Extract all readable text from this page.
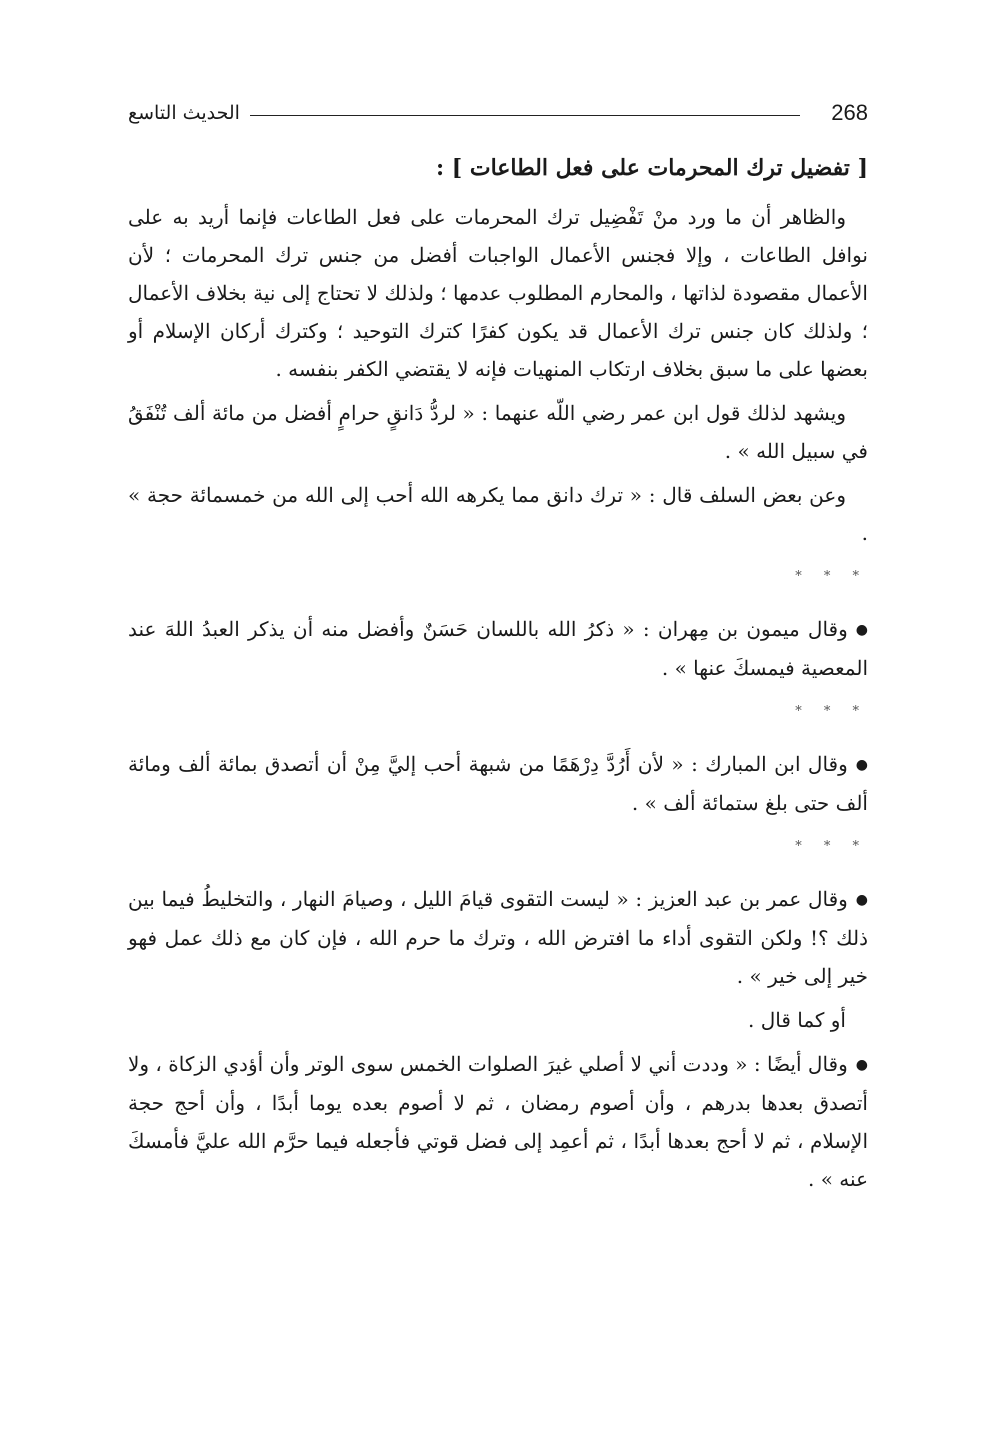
الحديث التاسع	268
[ تفضيل ترك المحرمات على فعل الطاعات ] :

والظاهر أن ما ورد منْ تَفْضِيل ترك المحرمات على فعل الطاعات فإنما أريد به على نوافل الطاعات ، وإلا فجنس الأعمال الواجبات أفضل من جنس ترك المحرمات ؛ لأن الأعمال مقصودة لذاتها ، والمحارم المطلوب عدمها ؛ ولذلك لا تحتاج إلى نية بخلاف الأعمال ؛ ولذلك كان جنس ترك الأعمال قد يكون كفرًا كترك التوحيد ؛ وكترك أركان الإسلام أو بعضها على ما سبق بخلاف ارتكاب المنهيات فإنه لا يقتضي الكفر بنفسه .

ويشهد لذلك قول ابن عمر رضي اللّه عنهما : « لردُّ دَانقٍ حرامٍ أفضل من مائة ألف تُنْفَقُ في سبيل الله » .

وعن بعض السلف قال : « ترك دانق مما يكرهه الله أحب إلى الله من خمسمائة حجة » .

* * *

●وقال ميمون بن مِهران : « ذكرُ الله باللسان حَسَنٌ وأفضل منه أن يذكر العبدُ اللهَ عند المعصية فيمسكَ عنها » .

* * *

●وقال ابن المبارك : « لأن أَرُدَّ دِرْهَمًا من شبهة أحب إليَّ مِنْ أن أتصدق بمائة ألف ومائة ألف حتى بلغ ستمائة ألف » .

* * *

●وقال عمر بن عبد العزيز : « ليست التقوى قيامَ الليل ، وصيامَ النهار ، والتخليطُ فيما بين ذلك ؟! ولكن التقوى أداء ما افترض الله ، وترك ما حرم الله ، فإن كان مع ذلك عمل فهو خير إلى خير » .

أو كما قال .

●وقال أيضًا : « وددت أني لا أصلي غيرَ الصلوات الخمس سوى الوتر وأن أؤدي الزكاة ، ولا أتصدق بعدها بدرهم ، وأن أصوم رمضان ، ثم لا أصوم بعده يوما أبدًا ، وأن أحج حجة الإسلام ، ثم لا أحج بعدها أبدًا ، ثم أعمِد إلى فضل قوتي فأجعله فيما حرَّم الله عليَّ فأمسكَ عنه » .
